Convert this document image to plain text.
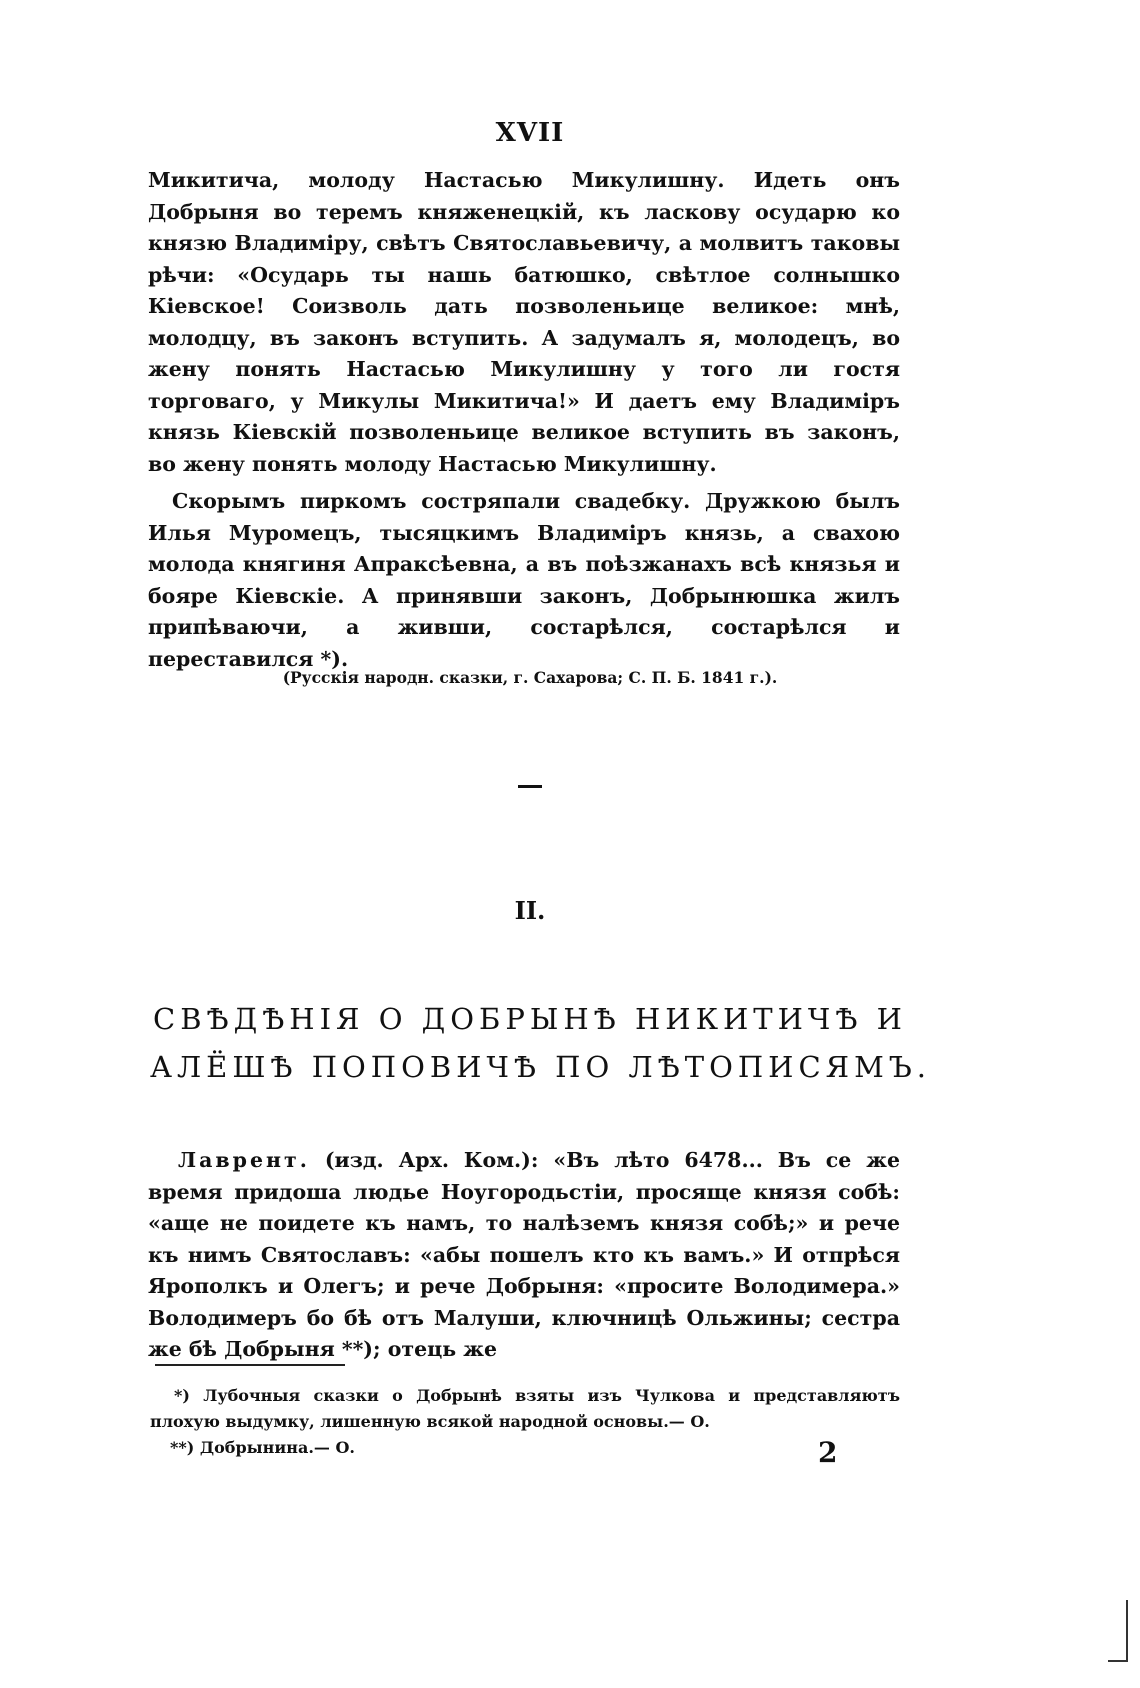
XVII

Микитича, молоду Настасью Микулишну. Идеть онъ Добрыня во теремъ княженецкій, къ ласкову осударю ко князю Владиміру, свѣтъ Святославьевичу, а молвитъ таковы рѣчи: «Осударь ты нашь батюшко, свѣтлое солнышко Кіевское! Соизволь дать позволеньице великое: мнѣ, молодцу, въ законъ вступить. А задумалъ я, молодецъ, во жену понять Настасью Микулишну у того ли гостя торговаго, у Микулы Микитича!» И даетъ ему Владиміръ князь Кіевскій позволеньице великое вступить въ законъ, во жену понять молоду Настасью Микулишну.

Скорымъ пиркомъ состряпали свадебку. Дружкою былъ Илья Муромецъ, тысяцкимъ Владиміръ князь, а свахою молода княгиня Апраксѣевна, а въ поѣзжанахъ всѣ князья и бояре Кіевскіе. А принявши законъ, Добрынюшка жилъ припѣваючи, а живши, состарѣлся, состарѣлся и переставился *).

(Русскія народн. сказки, г. Сахарова; С. П. Б. 1841 г.).
II.
СВѢДѢНІЯ О ДОБРЫНѢ НИКИТИЧѢ И
АЛЁШѢ ПОПОВИЧѢ ПО ЛѢТОПИСЯМЪ.

Лаврент. (изд. Арх. Ком.): «Въ лѣто 6478... Въ се же время придоша людье Ноугородьстіи, просяще князя собѣ: «аще не поидете къ намъ, то налѣземъ князя собѣ;» и рече къ нимъ Святославъ: «абы пошелъ кто къ вамъ.» И отпрѣся Ярополкъ и Олегъ; и рече Добрыня: «просите Володимера.» Володимеръ бо бѣ отъ Малуши, ключницѣ Ольжины; сестра же бѣ Добрыня **); отець же

*) Лубочныя сказки о Добрынѣ взяты изъ Чулкова и представляютъ плохую выдумку, лишенную всякой народной основы.— О.

**) Добрынина.— О.	2
